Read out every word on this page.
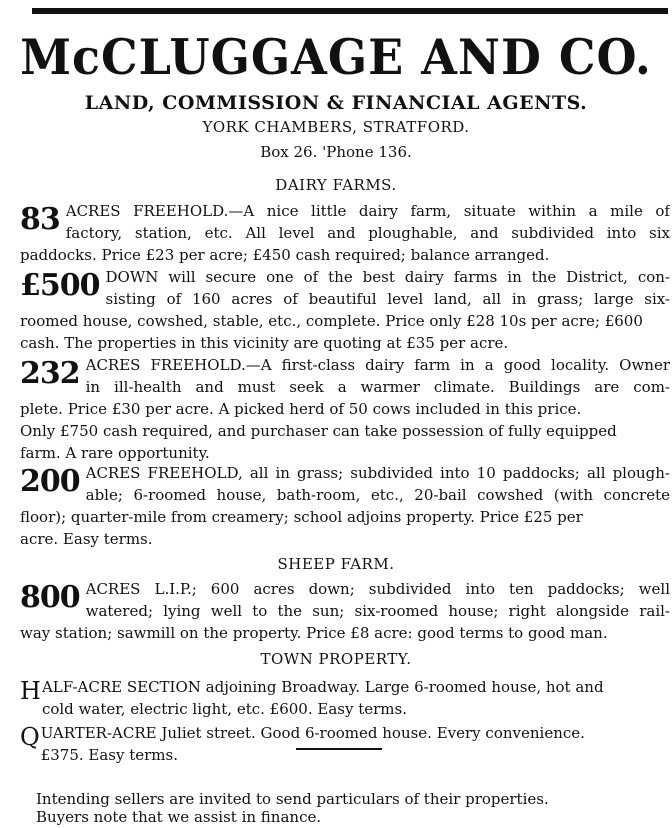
McCLUGGAGE AND CO.
LAND, COMMISSION & FINANCIAL AGENTS.
YORK CHAMBERS, STRATFORD.
Box 26. 'Phone 136.
DAIRY FARMS.
83 ACRES FREEHOLD.—A nice little dairy farm, situate within a mile of
factory, station, etc. All level and ploughable, and subdivided into six
paddocks. Price £23 per acre; £450 cash required; balance arranged.
£500 DOWN will secure one of the best dairy farms in the District, con-
sisting of 160 acres of beautiful level land, all in grass; large six-
roomed house, cowshed, stable, etc., complete. Price only £28 10s per acre; £600
cash. The properties in this vicinity are quoting at £35 per acre.
232 ACRES FREEHOLD.—A first-class dairy farm in a good locality. Owner
in ill-health and must seek a warmer climate. Buildings are com-
plete. Price £30 per acre. A picked herd of 50 cows included in this price.
Only £750 cash required, and purchaser can take possession of fully equipped
farm. A rare opportunity.
200 ACRES FREEHOLD, all in grass; subdivided into 10 paddocks; all plough-
able; 6-roomed house, bath-room, etc., 20-bail cowshed (with concrete
floor); quarter-mile from creamery; school adjoins property. Price £25 per
acre. Easy terms.
SHEEP FARM.
800 ACRES L.I.P.; 600 acres down; subdivided into ten paddocks; well
watered; lying well to the sun; six-roomed house; right alongside rail-
way station; sawmill on the property. Price £8 acre: good terms to good man.
TOWN PROPERTY.
H ALF-ACRE SECTION adjoining Broadway. Large 6-roomed house, hot and
cold water, electric light, etc. £600. Easy terms.
Q UARTER-ACRE Juliet street. Good 6-roomed house. Every convenience.
£375. Easy terms.
Intending sellers are invited to send particulars of their properties.
Buyers note that we assist in finance.
